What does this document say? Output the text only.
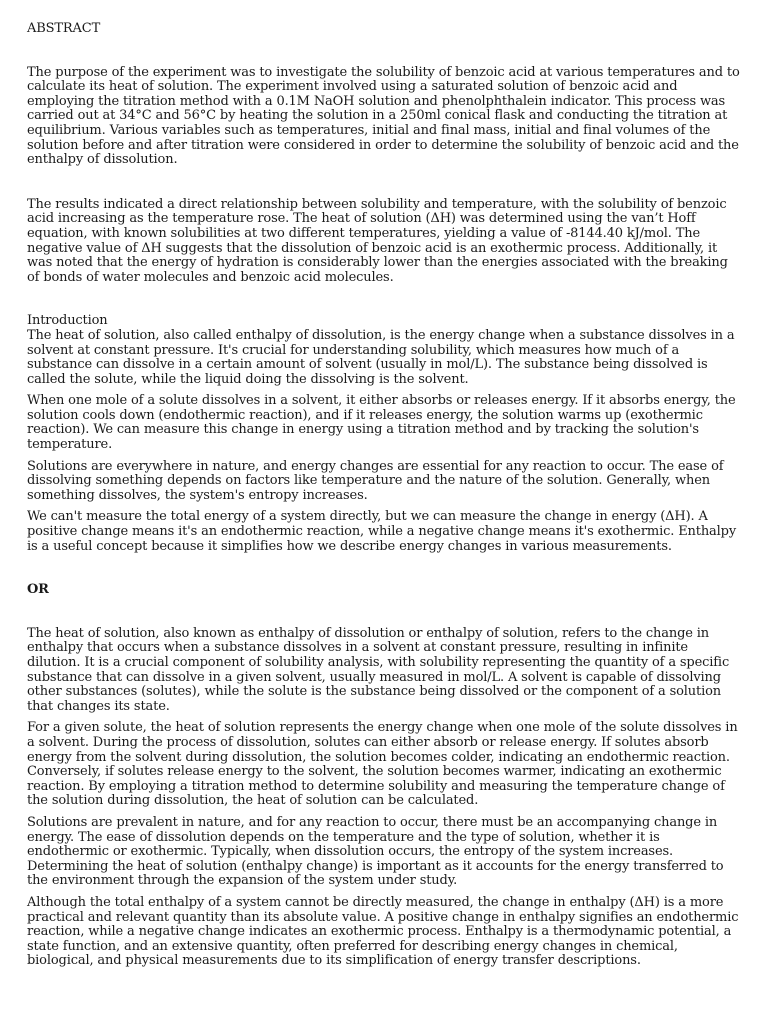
ABSTRACT

The purpose of the experiment was to investigate the solubility of benzoic acid at various temperatures and to calculate its heat of solution. The experiment involved using a saturated solution of benzoic acid and employing the titration method with a 0.1M NaOH solution and phenolphthalein indicator. This process was carried out at 34°C and 56°C by heating the solution in a 250ml conical flask and conducting the titration at equilibrium. Various variables such as temperatures, initial and final mass, initial and final volumes of the solution before and after titration were considered in order to determine the solubility of benzoic acid and the enthalpy of dissolution.

The results indicated a direct relationship between solubility and temperature, with the solubility of benzoic acid increasing as the temperature rose. The heat of solution (ΔH) was determined using the van’t Hoff equation, with known solubilities at two different temperatures, yielding a value of -8144.40 kJ/mol. The negative value of ΔH suggests that the dissolution of benzoic acid is an exothermic process. Additionally, it was noted that the energy of hydration is considerably lower than the energies associated with the breaking of bonds of water molecules and benzoic acid molecules.

Introduction

The heat of solution, also called enthalpy of dissolution, is the energy change when a substance dissolves in a solvent at constant pressure. It's crucial for understanding solubility, which measures how much of a substance can dissolve in a certain amount of solvent (usually in mol/L). The substance being dissolved is called the solute, while the liquid doing the dissolving is the solvent.

When one mole of a solute dissolves in a solvent, it either absorbs or releases energy. If it absorbs energy, the solution cools down (endothermic reaction), and if it releases energy, the solution warms up (exothermic reaction). We can measure this change in energy using a titration method and by tracking the solution's temperature.

Solutions are everywhere in nature, and energy changes are essential for any reaction to occur. The ease of dissolving something depends on factors like temperature and the nature of the solution. Generally, when something dissolves, the system's entropy increases.

We can't measure the total energy of a system directly, but we can measure the change in energy (ΔH). A positive change means it's an endothermic reaction, while a negative change means it's exothermic. Enthalpy is a useful concept because it simplifies how we describe energy changes in various measurements.

OR

The heat of solution, also known as enthalpy of dissolution or enthalpy of solution, refers to the change in enthalpy that occurs when a substance dissolves in a solvent at constant pressure, resulting in infinite dilution. It is a crucial component of solubility analysis, with solubility representing the quantity of a specific substance that can dissolve in a given solvent, usually measured in mol/L. A solvent is capable of dissolving other substances (solutes), while the solute is the substance being dissolved or the component of a solution that changes its state.

For a given solute, the heat of solution represents the energy change when one mole of the solute dissolves in a solvent. During the process of dissolution, solutes can either absorb or release energy. If solutes absorb energy from the solvent during dissolution, the solution becomes colder, indicating an endothermic reaction. Conversely, if solutes release energy to the solvent, the solution becomes warmer, indicating an exothermic reaction. By employing a titration method to determine solubility and measuring the temperature change of the solution during dissolution, the heat of solution can be calculated.

Solutions are prevalent in nature, and for any reaction to occur, there must be an accompanying change in energy. The ease of dissolution depends on the temperature and the type of solution, whether it is endothermic or exothermic. Typically, when dissolution occurs, the entropy of the system increases. Determining the heat of solution (enthalpy change) is important as it accounts for the energy transferred to the environment through the expansion of the system under study.

Although the total enthalpy of a system cannot be directly measured, the change in enthalpy (ΔH) is a more practical and relevant quantity than its absolute value. A positive change in enthalpy signifies an endothermic reaction, while a negative change indicates an exothermic process. Enthalpy is a thermodynamic potential, a state function, and an extensive quantity, often preferred for describing energy changes in chemical, biological, and physical measurements due to its simplification of energy transfer descriptions.
